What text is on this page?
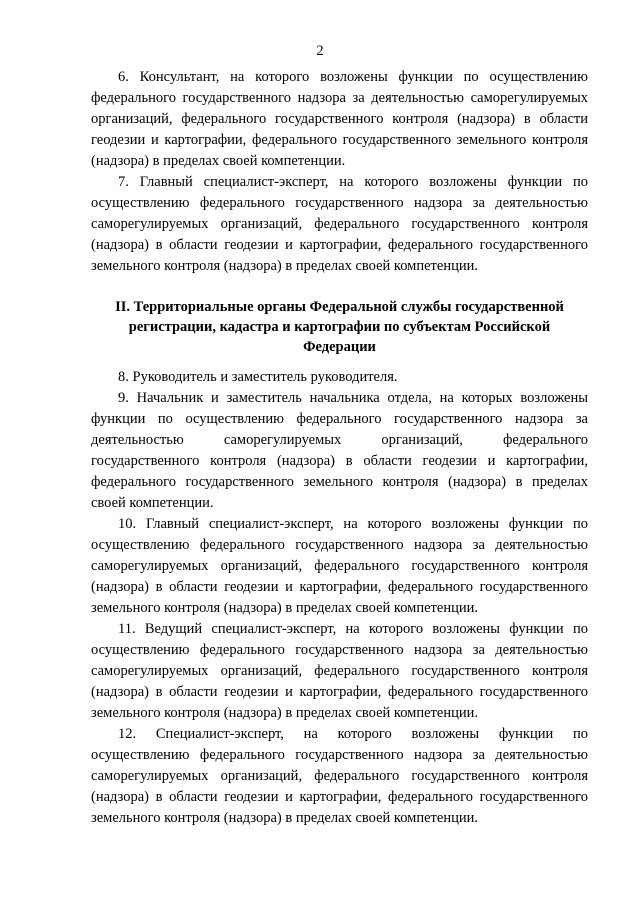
2

6. Консультант, на которого возложены функции по осуществлению федерального государственного надзора за деятельностью саморегулируемых организаций, федерального государственного контроля (надзора) в области геодезии и картографии, федерального государственного земельного контроля (надзора) в пределах своей компетенции.

7. Главный специалист-эксперт, на которого возложены функции по осуществлению федерального государственного надзора за деятельностью саморегулируемых организаций, федерального государственного контроля (надзора) в области геодезии и картографии, федерального государственного земельного контроля (надзора) в пределах своей компетенции.

II. Территориальные органы Федеральной службы государственной регистрации, кадастра и картографии по субъектам Российской Федерации

8. Руководитель и заместитель руководителя.

9. Начальник и заместитель начальника отдела, на которых возложены функции по осуществлению федерального государственного надзора за деятельностью саморегулируемых организаций, федерального государственного контроля (надзора) в области геодезии и картографии, федерального государственного земельного контроля (надзора) в пределах своей компетенции.

10. Главный специалист-эксперт, на которого возложены функции по осуществлению федерального государственного надзора за деятельностью саморегулируемых организаций, федерального государственного контроля (надзора) в области геодезии и картографии, федерального государственного земельного контроля (надзора) в пределах своей компетенции.

11. Ведущий специалист-эксперт, на которого возложены функции по осуществлению федерального государственного надзора за деятельностью саморегулируемых организаций, федерального государственного контроля (надзора) в области геодезии и картографии, федерального государственного земельного контроля (надзора) в пределах своей компетенции.

12. Специалист-эксперт, на которого возложены функции по осуществлению федерального государственного надзора за деятельностью саморегулируемых организаций, федерального государственного контроля (надзора) в области геодезии и картографии, федерального государственного земельного контроля (надзора) в пределах своей компетенции.
